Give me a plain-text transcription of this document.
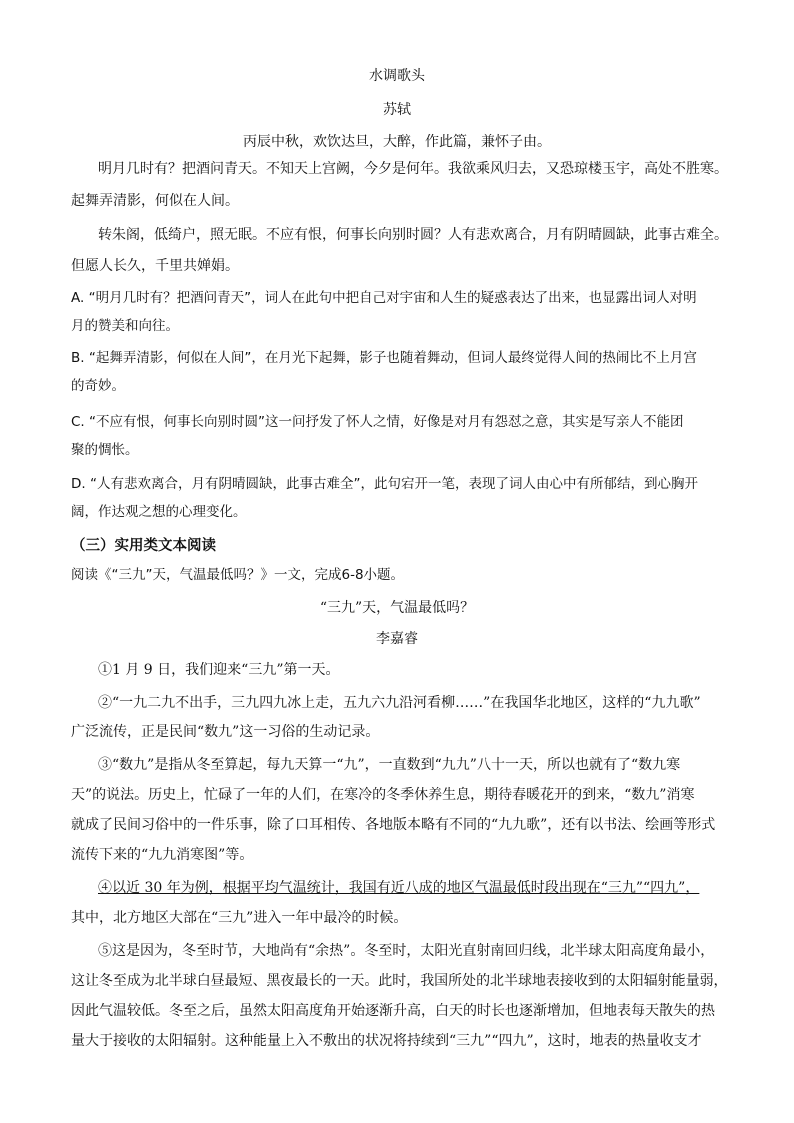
水调歌头
苏轼
丙辰中秋，欢饮达旦，大醉，作此篇，兼怀子由。
明月几时有？把酒问青天。不知天上宫阙，今夕是何年。我欲乘风归去，又恐琼楼玉宇，高处不胜寒。
起舞弄清影，何似在人间。
转朱阁，低绮户，照无眠。不应有恨，何事长向别时圆？人有悲欢离合，月有阴晴圆缺，此事古难全。
但愿人长久，千里共婵娟。
A. “明月几时有？把酒问青天”，词人在此句中把自己对宇宙和人生的疑惑表达了出来，也显露出词人对明
月的赞美和向往。
B. “起舞弄清影，何似在人间”，在月光下起舞，影子也随着舞动，但词人最终觉得人间的热闹比不上月宫
的奇妙。
C. “不应有恨，何事长向别时圆”这一问抒发了怀人之情，好像是对月有怨怼之意，其实是写亲人不能团
聚的惆怅。
D. “人有悲欢离合，月有阴晴圆缺，此事古难全”，此句宕开一笔，表现了词人由心中有所郁结，到心胸开
阔，作达观之想的心理变化。
（三）实用类文本阅读
阅读《“三九”天，气温最低吗？》一文，完成6-8小题。
“三九”天，气温最低吗？
李嘉睿
①1 月 9 日，我们迎来“三九”第一天。
②“一九二九不出手，三九四九冰上走，五九六九沿河看柳……”在我国华北地区，这样的“九九歌”
广泛流传，正是民间“数九”这一习俗的生动记录。
③“数九”是指从冬至算起，每九天算一“九”，一直数到“九九”八十一天，所以也就有了“数九寒
天”的说法。历史上，忙碌了一年的人们，在寒冷的冬季休养生息，期待春暖花开的到来，“数九”消寒
就成了民间习俗中的一件乐事，除了口耳相传、各地版本略有不同的“九九歌”，还有以书法、绘画等形式
流传下来的“九九消寒图”等。
④以近 30 年为例，根据平均气温统计，我国有近八成的地区气温最低时段出现在“三九”“四九”，
其中，北方地区大部在“三九”进入一年中最冷的时候。
⑤这是因为，冬至时节，大地尚有“余热”。冬至时，太阳光直射南回归线，北半球太阳高度角最小，
这让冬至成为北半球白昼最短、黑夜最长的一天。此时，我国所处的北半球地表接收到的太阳辐射能量弱，
因此气温较低。冬至之后，虽然太阳高度角开始逐渐升高，白天的时长也逐渐增加，但地表每天散失的热
量大于接收的太阳辐射。这种能量上入不敷出的状况将持续到“三九”“四九”，这时，地表的热量收支才
